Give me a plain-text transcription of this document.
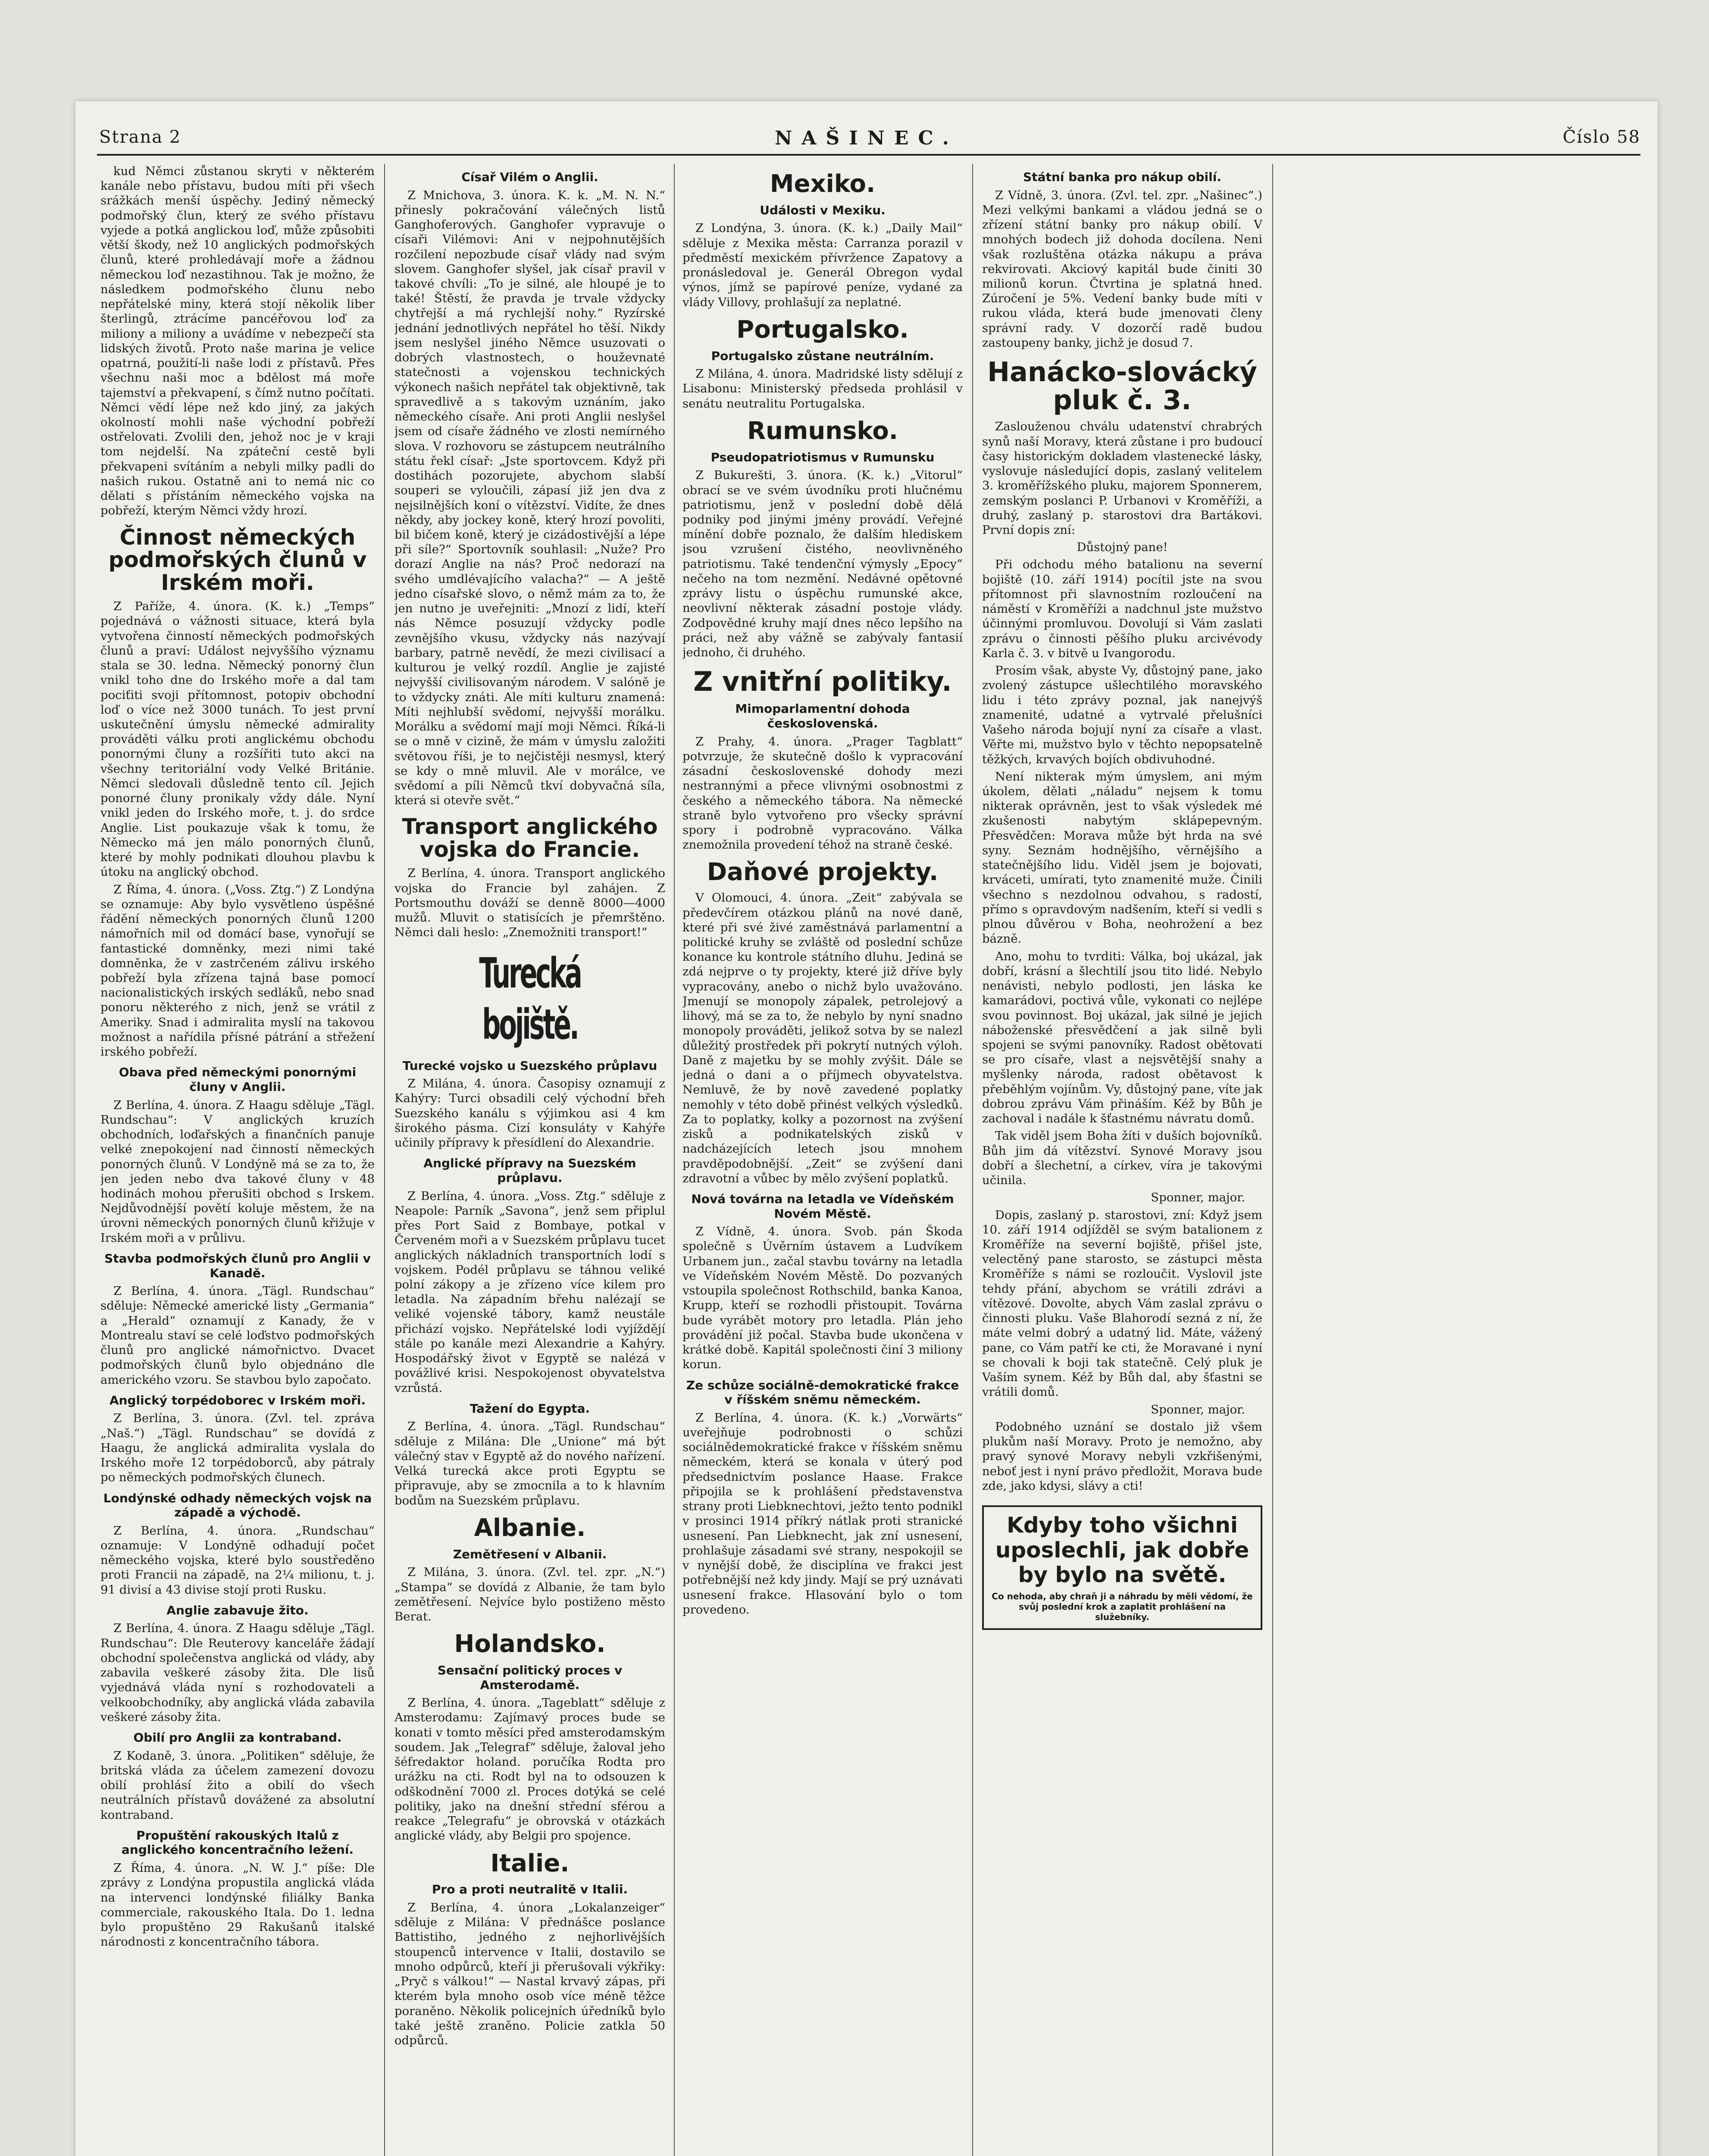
Strana 2	NAŠINEC.	Číslo 58

kud Němci zůstanou skryti v některém kanále nebo přístavu, budou míti při všech srážkách menší úspěchy. Jediný německý podmořský člun, který ze svého přístavu vyjede a potká anglickou loď, může způsobiti větší škody, než 10 anglických podmořských člunů, které prohledávají moře a žádnou německou loď nezastihnou. Tak je možno, že následkem podmořského člunu nebo nepřátelské miny, která stojí několik liber šterlingů, ztrácíme pancéřovou loď za miliony a miliony a uvádíme v nebezpečí sta lidských životů. Proto naše marina je velice opatrná, použití-li naše lodi z přístavů. Přes všechnu naši moc a bdělost má moře tajemství a překvapení, s čímž nutno počítati. Němci vědí lépe než kdo jiný, za jakých okolností mohli naše východní pobřeží ostřelovati. Zvolili den, jehož noc je v kraji tom nejdelší. Na zpáteční cestě byli překvapeni svítáním a nebyli milky padli do našich rukou. Ostatně ani to nemá nic co dělati s přístáním německého vojska na pobřeží, kterým Němci vždy hrozí.

Činnost německých podmořských člunů v Irském moři.

Z Paříže, 4. února. (K. k.) „Temps“ pojednává o vážnosti situace, která byla vytvořena činností německých podmořských člunů a praví: Událost nejvyššího významu stala se 30. ledna. Německý ponorný člun vnikl toho dne do Irského moře a dal tam pociťiti svoji přítomnost, potopiv obchodní loď o více než 3000 tunách. To jest první uskutečnění úmyslu německé admirality prováděti válku proti anglickému obchodu ponornými čluny a rozšířiti tuto akci na všechny teritoriální vody Velké Británie. Němci sledovali důsledně tento cíl. Jejich ponorné čluny pronikaly vždy dále. Nyní vnikl jeden do Irského moře, t. j. do srdce Anglie. List poukazuje však k tomu, že Německo má jen málo ponorných člunů, které by mohly podnikati dlouhou plavbu k útoku na anglický obchod.

Z Říma, 4. února. („Voss. Ztg.“) Z Londýna se oznamuje: Aby bylo vysvětleno úspěšné řádění německých ponorných člunů 1200 námořních mil od domácí base, vynořují se fantastické domněnky, mezi nimi také domněnka, že v zastrčeném zálivu irského pobřeží byla zřízena tajná base pomocí nacionalistických irských sedláků, nebo snad ponoru některého z nich, jenž se vrátil z Ameriky. Snad i admiralita myslí na takovou možnost a nařídila přísné pátrání a střežení irského pobřeží.

Obava před německými ponornými čluny v Anglii.

Z Berlína, 4. února. Z Haagu sděluje „Tägl. Rundschau“: V anglických kruzích obchodních, loďařských a finančních panuje velké znepokojení nad činností německých ponorných člunů. V Londýně má se za to, že jen jeden nebo dva takové čluny v 48 hodinách mohou přerušiti obchod s Irskem. Nejdůvodnější povětí koluje městem, že na úrovni německých ponorných člunů křižuje v Irském moři a v průlivu.

Stavba podmořských člunů pro Anglii v Kanadě.

Z Berlína, 4. února. „Tägl. Rundschau“ sděluje: Německé americké listy „Germania“ a „Herald“ oznamují z Kanady, že v Montrealu staví se celé loďstvo podmořských člunů pro anglické námořnictvo. Dvacet podmořských člunů bylo objednáno dle amerického vzoru. Se stavbou bylo započato.

Anglický torpédoborec v Irském moři.

Z Berlína, 3. února. (Zvl. tel. zpráva „Naš.“) „Tägl. Rundschau“ se dovídá z Haagu, že anglická admiralita vyslala do Irského moře 12 torpédoborců, aby pátraly po německých podmořských člunech.

Londýnské odhady německých vojsk na západě a východě.

Z Berlína, 4. února. „Rundschau“ oznamuje: V Londýně odhadují počet německého vojska, které bylo soustředěno proti Francii na západě, na 2¼ milionu, t. j. 91 divisí a 43 divise stojí proti Rusku.

Anglie zabavuje žito.

Z Berlína, 4. února. Z Haagu sděluje „Tägl. Rundschau“: Dle Reuterovy kanceláře žádají obchodní společenstva anglická od vlády, aby zabavila veškeré zásoby žita. Dle lisů vyjednává vláda nyní s rozhodovateli a velkoobchodníky, aby anglická vláda zabavila veškeré zásoby žita.

Obilí pro Anglii za kontraband.

Z Kodaně, 3. února. „Politiken“ sděluje, že britská vláda za účelem zamezení dovozu obilí prohlásí žito a obilí do všech neutrálních přístavů dovážené za absolutní kontraband.

Propuštění rakouských Italů z anglického koncentračního ležení.

Z Říma, 4. února. „N. W. J.“ píše: Dle zprávy z Londýna propustila anglická vláda na intervenci londýnské filiálky Banka commerciale, rakouského Itala. Do 1. ledna bylo propuštěno 29 Rakušanů italské národnosti z koncentračního tábora.

Císař Vilém o Anglii.

Z Mnichova, 3. února. K. k. „M. N. N.“ přinesly pokračování válečných listů Ganghoferových. Ganghofer vypravuje o císaři Vilémovi: Ani v nejpohnutějších rozčilení nepozbude císař vlády nad svým slovem. Ganghofer slyšel, jak císař pravil v takové chvíli: „To je silné, ale hloupé je to také! Štěstí, že pravda je trvale vždycky chytřejší a má rychlejší nohy.“ Ryzírské jednání jednotlivých nepřátel ho těší. Nikdy jsem neslyšel jiného Němce usuzovati o dobrých vlastnostech, o houževnaté statečnosti a vojenskou technických výkonech našich nepřátel tak objektivně, tak spravedlivě a s takovým uznáním, jako německého císaře. Ani proti Anglii neslyšel jsem od císaře žádného ve zlosti nemírného slova. V rozhovoru se zástupcem neutrálního státu řekl císař: „Jste sportovcem. Když při dostihách pozorujete, abychom slabší souperi se vyloučili, zápasí již jen dva z nejsilnějších koní o vítězství. Vidíte, že dnes někdy, aby jockey koně, který hrozí povoliti, bil bičem koně, který je cizádostivější a lépe při síle?“ Sportovník souhlasil: „Nuže? Pro dorazí Anglie na nás? Proč nedorazí na svého umdlévajícího valacha?“ — A ještě jedno císařské slovo, o němž mám za to, že jen nutno je uveřejniti: „Mnozí z lidí, kteří nás Němce posuzují vždycky podle zevnějšího vkusu, vždycky nás nazývají barbary, patrně nevědí, že mezi civilisací a kulturou je velký rozdíl. Anglie je zajisté nejvyšší civilisovaným národem. V salóně je to vždycky znáti. Ale míti kulturu znamená: Míti nejhlubší svědomí, nejvyšší morálku. Morálku a svědomí mají moji Němci. Říká-li se o mně v cizině, že mám v úmyslu založiti světovou říši, je to nejčistěji nesmysl, který se kdy o mně mluvil. Ale v morálce, ve svědomí a píli Němců tkví dobyvačná síla, která si otevře svět.“

Transport anglického vojska do Francie.

Z Berlína, 4. února. Transport anglického vojska do Francie byl zahájen. Z Portsmouthu dováží se denně 8000—4000 mužů. Mluvit o statisících je přemrštěno. Němci dali heslo: „Znemožniti transport!“

Turecká bojiště.
Turecké vojsko u Suezského průplavu

Z Milána, 4. února. Časopisy oznamují z Kahýry: Turci obsadili celý východní břeh Suezského kanálu s výjimkou asi 4 km širokého pásma. Cizí konsuláty v Kahýře učinily přípravy k přesídlení do Alexandrie.

Anglické přípravy na Suezském průplavu.

Z Berlína, 4. února. „Voss. Ztg.“ sděluje z Neapole: Parník „Savona“, jenž sem připlul přes Port Said z Bombaye, potkal v Červeném moři a v Suezském průplavu tucet anglických nákladních transportních lodí s vojskem. Podél průplavu se táhnou veliké polní zákopy a je zřízeno více kilem pro letadla. Na západním břehu nalézají se veliké vojenské tábory, kamž neustále přichází vojsko. Nepřátelské lodi vyjíždějí stále po kanále mezi Alexandrie a Kahýry. Hospodářský život v Egyptě se nalézá v povážlivé krisi. Nespokojenost obyvatelstva vzrůstá.

Tažení do Egypta.

Z Berlína, 4. února. „Tägl. Rundschau“ sděluje z Milána: Dle „Unione“ má být válečný stav v Egyptě až do nového nařízení. Velká turecká akce proti Egyptu se připravuje, aby se zmocnila a to k hlavním bodům na Suezském průplavu.

Albanie.
Zemětřesení v Albanii.

Z Milána, 3. února. (Zvl. tel. zpr. „N.“) „Stampa“ se dovídá z Albanie, že tam bylo zemětřesení. Nejvíce bylo postiženo město Berat.

Holandsko.
Sensační politický proces v Amsterodamě.

Z Berlína, 4. února. „Tageblatt“ sděluje z Amsterodamu: Zajímavý proces bude se konati v tomto měsíci před amsterodamským soudem. Jak „Telegraf“ sděluje, žaloval jeho šéfredaktor holand. poručíka Rodta pro urážku na cti. Rodt byl na to odsouzen k odškodnění 7000 zl. Proces dotýká se celé politiky, jako na dnešní střední sférou a reakce „Telegrafu“ je obrovská v otázkách anglické vlády, aby Belgii pro spojence.

Italie.
Pro a proti neutralitě v Italii.

Z Berlína, 4. února „Lokalanzeiger“ sděluje z Milána: V přednášce poslance Battistiho, jedného z nejhorlivějších stoupenců intervence v Italii, dostavilo se mnoho odpůrců, kteří ji přerušovali výkřiky: „Pryč s válkou!“ — Nastal krvavý zápas, při kterém byla mnoho osob více méně těžce poraněno. Několik policejních úředníků bylo také ještě zraněno. Policie zatkla 50 odpůrců.

Mexiko.
Události v Mexiku.

Z Londýna, 3. února. (K. k.) „Daily Mail“ sděluje z Mexika města: Carranza porazil v předměstí mexickém přívržence Zapatovy a pronásledoval je. Generál Obregon vydal výnos, jímž se papírové peníze, vydané za vlády Villovy, prohlašují za neplatné.

Portugalsko.
Portugalsko zůstane neutrálním.

Z Milána, 4. února. Madridské listy sdělují z Lisabonu: Ministerský předseda prohlásil v senátu neutralitu Portugalska.

Rumunsko.
Pseudopatriotismus v Rumunsku

Z Bukurešti, 3. února. (K. k.) „Vitorul“ obrací se ve svém úvodníku proti hlučnému patriotismu, jenž v poslední době dělá podniky pod jinými jmény provádí. Veřejné mínění dobře poznalo, že dalším hlediskem jsou vzrušení čistého, neovlivněného patriotismu. Také tendenční výmysly „Epocy“ nečeho na tom nezmění. Nedávné opětovné zprávy listu o úspěchu rumunské akce, neovlivní některak zásadní postoje vlády. Zodpovědné kruhy mají dnes něco lepšího na práci, než aby vážně se zabývaly fantasií jednoho, či druhého.

Z vnitřní politiky.
Mimoparlamentní dohoda československá.

Z Prahy, 4. února. „Prager Tagblatt“ potvrzuje, že skutečně došlo k vypracování zásadní československé dohody mezi nestrannými a přece vlivnými osobnostmi z českého a německého tábora. Na německé straně bylo vytvořeno pro všecky správní spory i podrobně vypracováno. Válka znemožnila provedení téhož na straně české.

Daňové projekty.

V Olomouci, 4. února. „Zeit“ zabývala se předevčírem otázkou plánů na nové daně, které při své živé zaměstnává parlamentní a politické kruhy se zvláště od poslední schůze konance ku kontrole státního dluhu. Jediná se zdá nejprve o ty projekty, které již dříve byly vypracovány, anebo o nichž bylo uvažováno. Jmenují se monopoly zápalek, petrolejový a lihový, má se za to, že nebylo by nyní snadno monopoly prováděti, jelikož sotva by se nalezl důležitý prostředek při pokrytí nutných výloh. Daně z majetku by se mohly zvýšit. Dále se jedná o dani a o příjmech obyvatelstva. Nemluvě, že by nově zavedené poplatky nemohly v této době přinést velkých výsledků. Za to poplatky, kolky a pozornost na zvýšení zisků a podnikatelských zisků v nadcházejících letech jsou mnohem pravděpodobnější. „Zeit“ se zvýšení dani zdravotní a vůbec by mělo zvýšení poplatků.

Nová továrna na letadla ve Vídeňském Novém Městě.

Z Vídně, 4. února. Svob. pán Škoda společně s Úvěrním ústavem a Ludvíkem Urbanem jun., začal stavbu továrny na letadla ve Vídeňském Novém Městě. Do pozvaných vstoupila společnost Rothschild, banka Kanoa, Krupp, kteří se rozhodli přistoupit. Továrna bude vyrábět motory pro letadla. Plán jeho provádění již počal. Stavba bude ukončena v krátké době. Kapitál společnosti činí 3 miliony korun.

Ze schůze sociálně-demokratické frakce v říšském sněmu německém.

Z Berlína, 4. února. (K. k.) „Vorwärts“ uveřejňuje podrobnosti o schůzi sociálnědemokratické frakce v říšském sněmu německém, která se konala v úterý pod předsednictvím poslance Haase. Frakce připojila se k prohlášení představenstva strany proti Liebknechtovi, ježto tento podnikl v prosinci 1914 příkrý nátlak proti stranické usnesení. Pan Liebknecht, jak zní usnesení, prohlašuje zásadami své strany, nespokojil se v nynější době, že disciplína ve frakci jest potřebnější než kdy jindy. Mají se prý uznávati usnesení frakce. Hlasování bylo o tom provedeno.

Státní banka pro nákup obilí.

Z Vídně, 3. února. (Zvl. tel. zpr. „Našinec“.) Mezi velkými bankami a vládou jedná se o zřízení státní banky pro nákup obilí. V mnohých bodech již dohoda docílena. Neni však rozluštěna otázka nákupu a práva rekvirovati. Akciový kapitál bude činiti 30 milionů korun. Čtvrtina je splatná hned. Zúročení je 5%. Vedení banky bude míti v rukou vláda, která bude jmenovati členy správní rady. V dozorčí radě budou zastoupeny banky, jichž je dosud 7.

Hanácko-slovácký pluk č. 3.

Zaslouženou chválu udatenství chrabrých synů naší Moravy, která zůstane i pro budoucí časy historickým dokladem vlastenecké lásky, vyslovuje následující dopis, zaslaný velitelem 3. kroměřížského pluku, majorem Sponnerem, zemským poslanci P. Urbanovi v Kroměříži, a druhý, zaslaný p. starostovi dra Bartákovi. První dopis zní:

Důstojný pane!

Při odchodu mého batalionu na severní bojiště (10. září 1914) pocítil jste na svou přítomnost při slavnostním rozloučení na náměstí v Kroměříži a nadchnul jste mužstvo účinnými promluvou. Dovolují si Vám zaslati zprávu o činnosti pěšího pluku arcivévody Karla č. 3. v bitvě u Ivangorodu.

Prosím však, abyste Vy, důstojný pane, jako zvolený zástupce ušlechtilého moravského lidu i této zprávy poznal, jak nanejvýš znamenité, udatné a vytrvalé přelušníci Vašeho národa bojují nyní za císaře a vlast. Věřte mi, mužstvo bylo v těchto nepopsatelně těžkých, krvavých bojích obdivuhodné.

Není nikterak mým úmyslem, ani mým úkolem, dělati „náladu“ nejsem k tomu nikterak oprávněn, jest to však výsledek mé zkušenosti nabytým sklápepevným. Přesvědčen: Morava může být hrda na své syny. Seznám hodnějšího, věrnějšího a statečnějšího lidu. Viděl jsem je bojovati, krváceti, umírati, tyto znamenité muže. Činili všechno s nezdolnou odvahou, s radostí, přímo s opravdovým nadšením, kteří si vedli s plnou důvěrou v Boha, neohrožení a bez bázně.

Ano, mohu to tvrditi: Válka, boj ukázal, jak dobří, krásní a šlechtilí jsou tito lidé. Nebylo nenávisti, nebylo podlosti, jen láska ke kamarádovi, poctivá vůle, vykonati co nejlépe svou povinnost. Boj ukázal, jak silné je jejich náboženské přesvědčení a jak silně byli spojeni se svými panovníky. Radost obětovati se pro císaře, vlast a nejsvětější snahy a myšlenky národa, radost obětavost k přeběhlým vojínům. Vy, důstojný pane, víte jak dobrou zprávu Vám přináším. Kéž by Bůh je zachoval i nadále k šťastnému návratu domů.

Tak viděl jsem Boha žíti v duších bojovníků. Bůh jim dá vítězství. Synové Moravy jsou dobří a šlechetní, a církev, víra je takovými učinila.

Sponner, major.

Dopis, zaslaný p. starostovi, zní: Když jsem 10. září 1914 odjížděl se svým batalionem z Kroměříže na severní bojiště, přišel jste, velectěný pane starosto, se zástupci města Kroměříže s námi se rozloučit. Vyslovil jste tehdy přání, abychom se vrátili zdrávi a vítězové. Dovolte, abych Vám zaslal zprávu o činnosti pluku. Vaše Blahorodí sezná z ní, že máte velmi dobrý a udatný lid. Máte, vážený pane, co Vám patří ke cti, že Moravané i nyní se chovali k boji tak statečně. Celý pluk je Vaším synem. Kéž by Bůh dal, aby šťastni se vrátili domů.

Sponner, major.

Podobného uznání se dostalo již všem plukům naší Moravy. Proto je nemožno, aby pravý synové Moravy nebyli vzkřišenými, neboť jest i nyní právo předložit, Morava bude zde, jako kdysi, slávy a cti!

Kdyby toho všichni uposlechli, jak dobře by bylo na světě.
Co nehoda, aby chraň ji a náhradu by měli vědomí, že svůj poslední krok a zaplatit prohlášení na služebníky.
